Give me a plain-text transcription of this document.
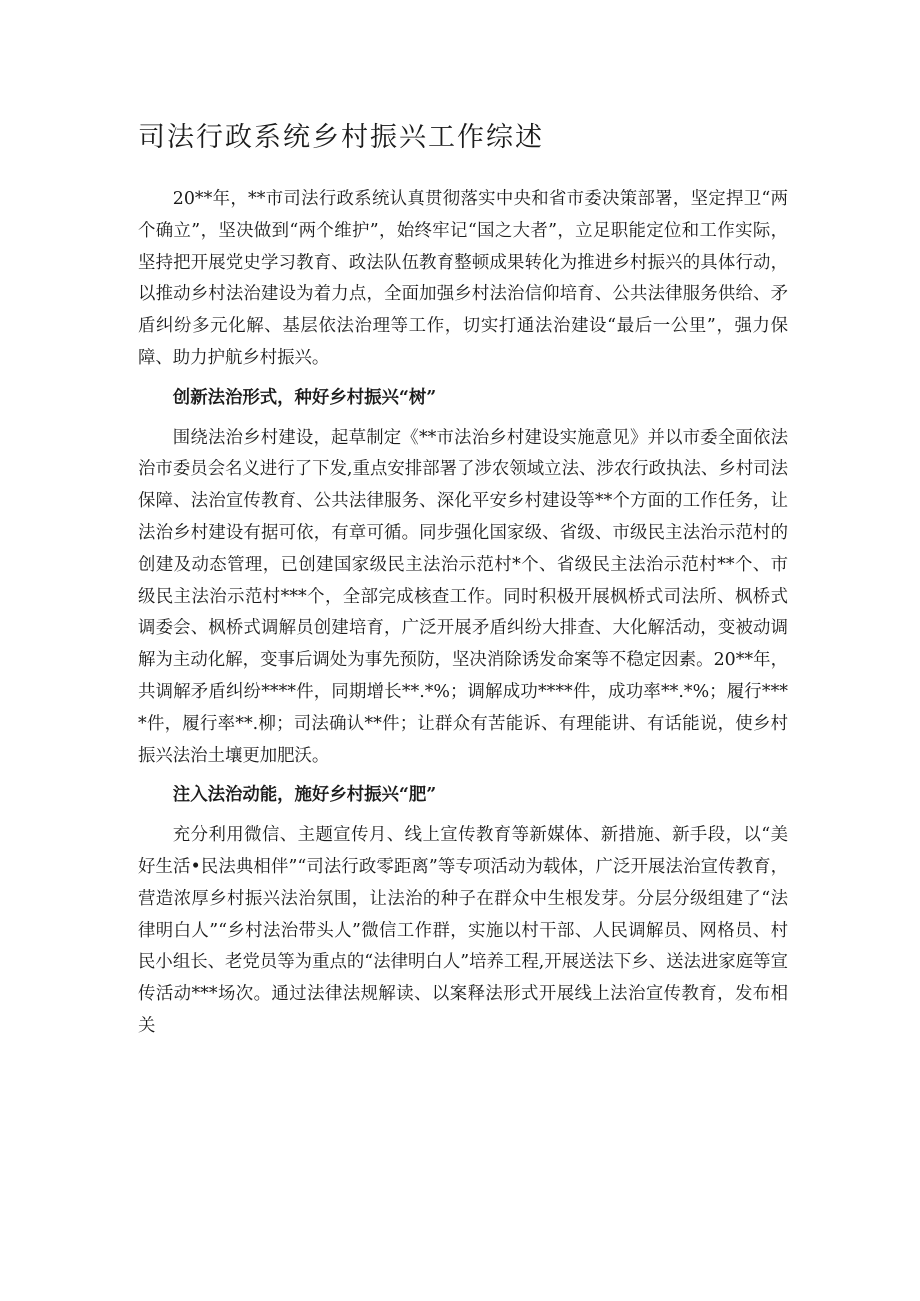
司法行政系统乡村振兴工作综述

20**年，**市司法行政系统认真贯彻落实中央和省市委决策部署，坚定捍卫“两个确立”，坚决做到“两个维护”，始终牢记“国之大者”，立足职能定位和工作实际，坚持把开展党史学习教育、政法队伍教育整顿成果转化为推进乡村振兴的具体行动，以推动乡村法治建设为着力点，全面加强乡村法治信仰培育、公共法律服务供给、矛盾纠纷多元化解、基层依法治理等工作，切实打通法治建设“最后一公里”，强力保障、助力护航乡村振兴。

创新法治形式，种好乡村振兴“树”

围绕法治乡村建设，起草制定《**市法治乡村建设实施意见》并以市委全面依法治市委员会名义进行了下发,重点安排部署了涉农领域立法、涉农行政执法、乡村司法保障、法治宣传教育、公共法律服务、深化平安乡村建设等**个方面的工作任务，让法治乡村建设有据可依，有章可循。同步强化国家级、省级、市级民主法治示范村的创建及动态管理，已创建国家级民主法治示范村*个、省级民主法治示范村**个、市级民主法治示范村***个，全部完成核查工作。同时积极开展枫桥式司法所、枫桥式调委会、枫桥式调解员创建培育，广泛开展矛盾纠纷大排查、大化解活动，变被动调解为主动化解，变事后调处为事先预防，坚决消除诱发命案等不稳定因素。20**年，共调解矛盾纠纷****件，同期增长**.*%；调解成功****件，成功率**.*%；履行****件，履行率**.柳；司法确认**件；让群众有苦能诉、有理能讲、有话能说，使乡村振兴法治土壤更加肥沃。

注入法治动能，施好乡村振兴“肥”

充分利用微信、主题宣传月、线上宣传教育等新媒体、新措施、新手段，以“美好生活•民法典相伴”“司法行政零距离”等专项活动为载体，广泛开展法治宣传教育，营造浓厚乡村振兴法治氛围，让法治的种子在群众中生根发芽。分层分级组建了“法律明白人”“乡村法治带头人”微信工作群，实施以村干部、人民调解员、网格员、村民小组长、老党员等为重点的“法律明白人”培养工程,开展送法下乡、送法进家庭等宣传活动***场次。通过法律法规解读、以案释法形式开展线上法治宣传教育，发布相关
